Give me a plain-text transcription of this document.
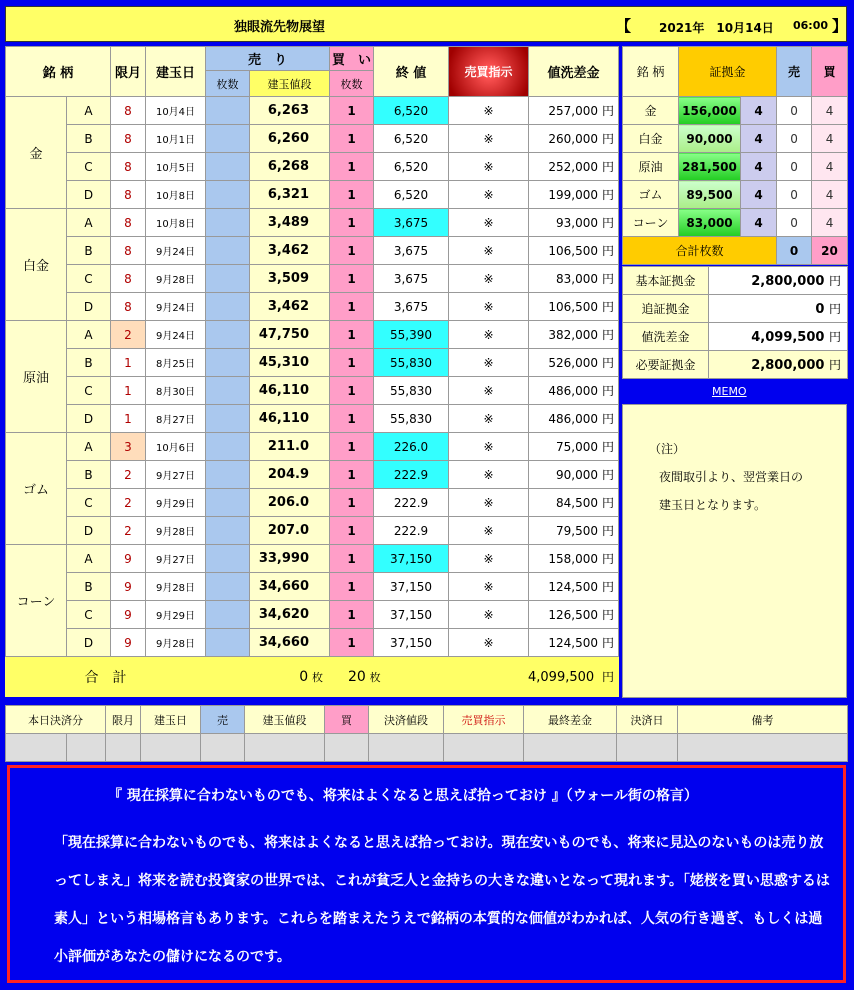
独眼流先物展望	【 2021年　10月14日 06:00 】
銘 柄		限月	建玉日	売　り		買　い	終 値	売買指示	値洗差金
				枚数	建玉値段	枚数			
金	A	8	10月4日		6,263	1	6,520	※	257,000 円
	B	8	10月1日		6,260	1	6,520	※	260,000 円
	C	8	10月5日		6,268	1	6,520	※	252,000 円
	D	8	10月8日		6,321	1	6,520	※	199,000 円
白金	A	8	10月8日		3,489	1	3,675	※	93,000 円
	B	8	9月24日		3,462	1	3,675	※	106,500 円
	C	8	9月28日		3,509	1	3,675	※	83,000 円
	D	8	9月24日		3,462	1	3,675	※	106,500 円
原油	A	2	9月24日		47,750	1	55,390	※	382,000 円
	B	1	8月25日		45,310	1	55,830	※	526,000 円
	C	1	8月30日		46,110	1	55,830	※	486,000 円
	D	1	8月27日		46,110	1	55,830	※	486,000 円
ゴム	A	3	10月6日		211.0	1	226.0	※	75,000 円
	B	2	9月27日		204.9	1	222.9	※	90,000 円
	C	2	9月29日		206.0	1	222.9	※	84,500 円
	D	2	9月28日		207.0	1	222.9	※	79,500 円
コーン	A	9	9月27日		33,990	1	37,150	※	158,000 円
	B	9	9月28日		34,660	1	37,150	※	124,500 円
	C	9	9月29日		34,620	1	37,150	※	126,500 円
	D	9	9月28日		34,660	1	37,150	※	124,500 円
合　計				0 枚		20 枚		4,099,500 円	
銘 柄	証拠金		売	買
金	156,000	4	0	4
白金	90,000	4	0	4
原油	281,500	4	0	4
ゴム	89,500	4	0	4
コーン	83,000	4	0	4
合計枚数			0	20
基本証拠金	2,800,000 円
追証拠金	0 円
値洗差金	4,099,500 円
必要証拠金	2,800,000 円
MEMO
（注）
夜間取引より、翌営業日の
建玉日となります。
本日決済分		限月	建玉日	売	建玉値段	買	決済値段	売買指示	最終差金	決済日	備考

『 現在採算に合わないものでも、将来はよくなると思えば拾っておけ 』（ウォール街の格言）
「現在採算に合わないものでも、将来はよくなると思えば拾っておけ。現在安いものでも、将来に見込のないものは売り放ってしまえ」将来を読む投資家の世界では、これが貧乏人と金持ちの大きな違いとなって現れます。「姥桜を買い思惑するは素人」という相場格言もあります。これらを踏まえたうえで銘柄の本質的な価値がわかれば、人気の行き過ぎ、もしくは過小評価があなたの儲けになるのです。
